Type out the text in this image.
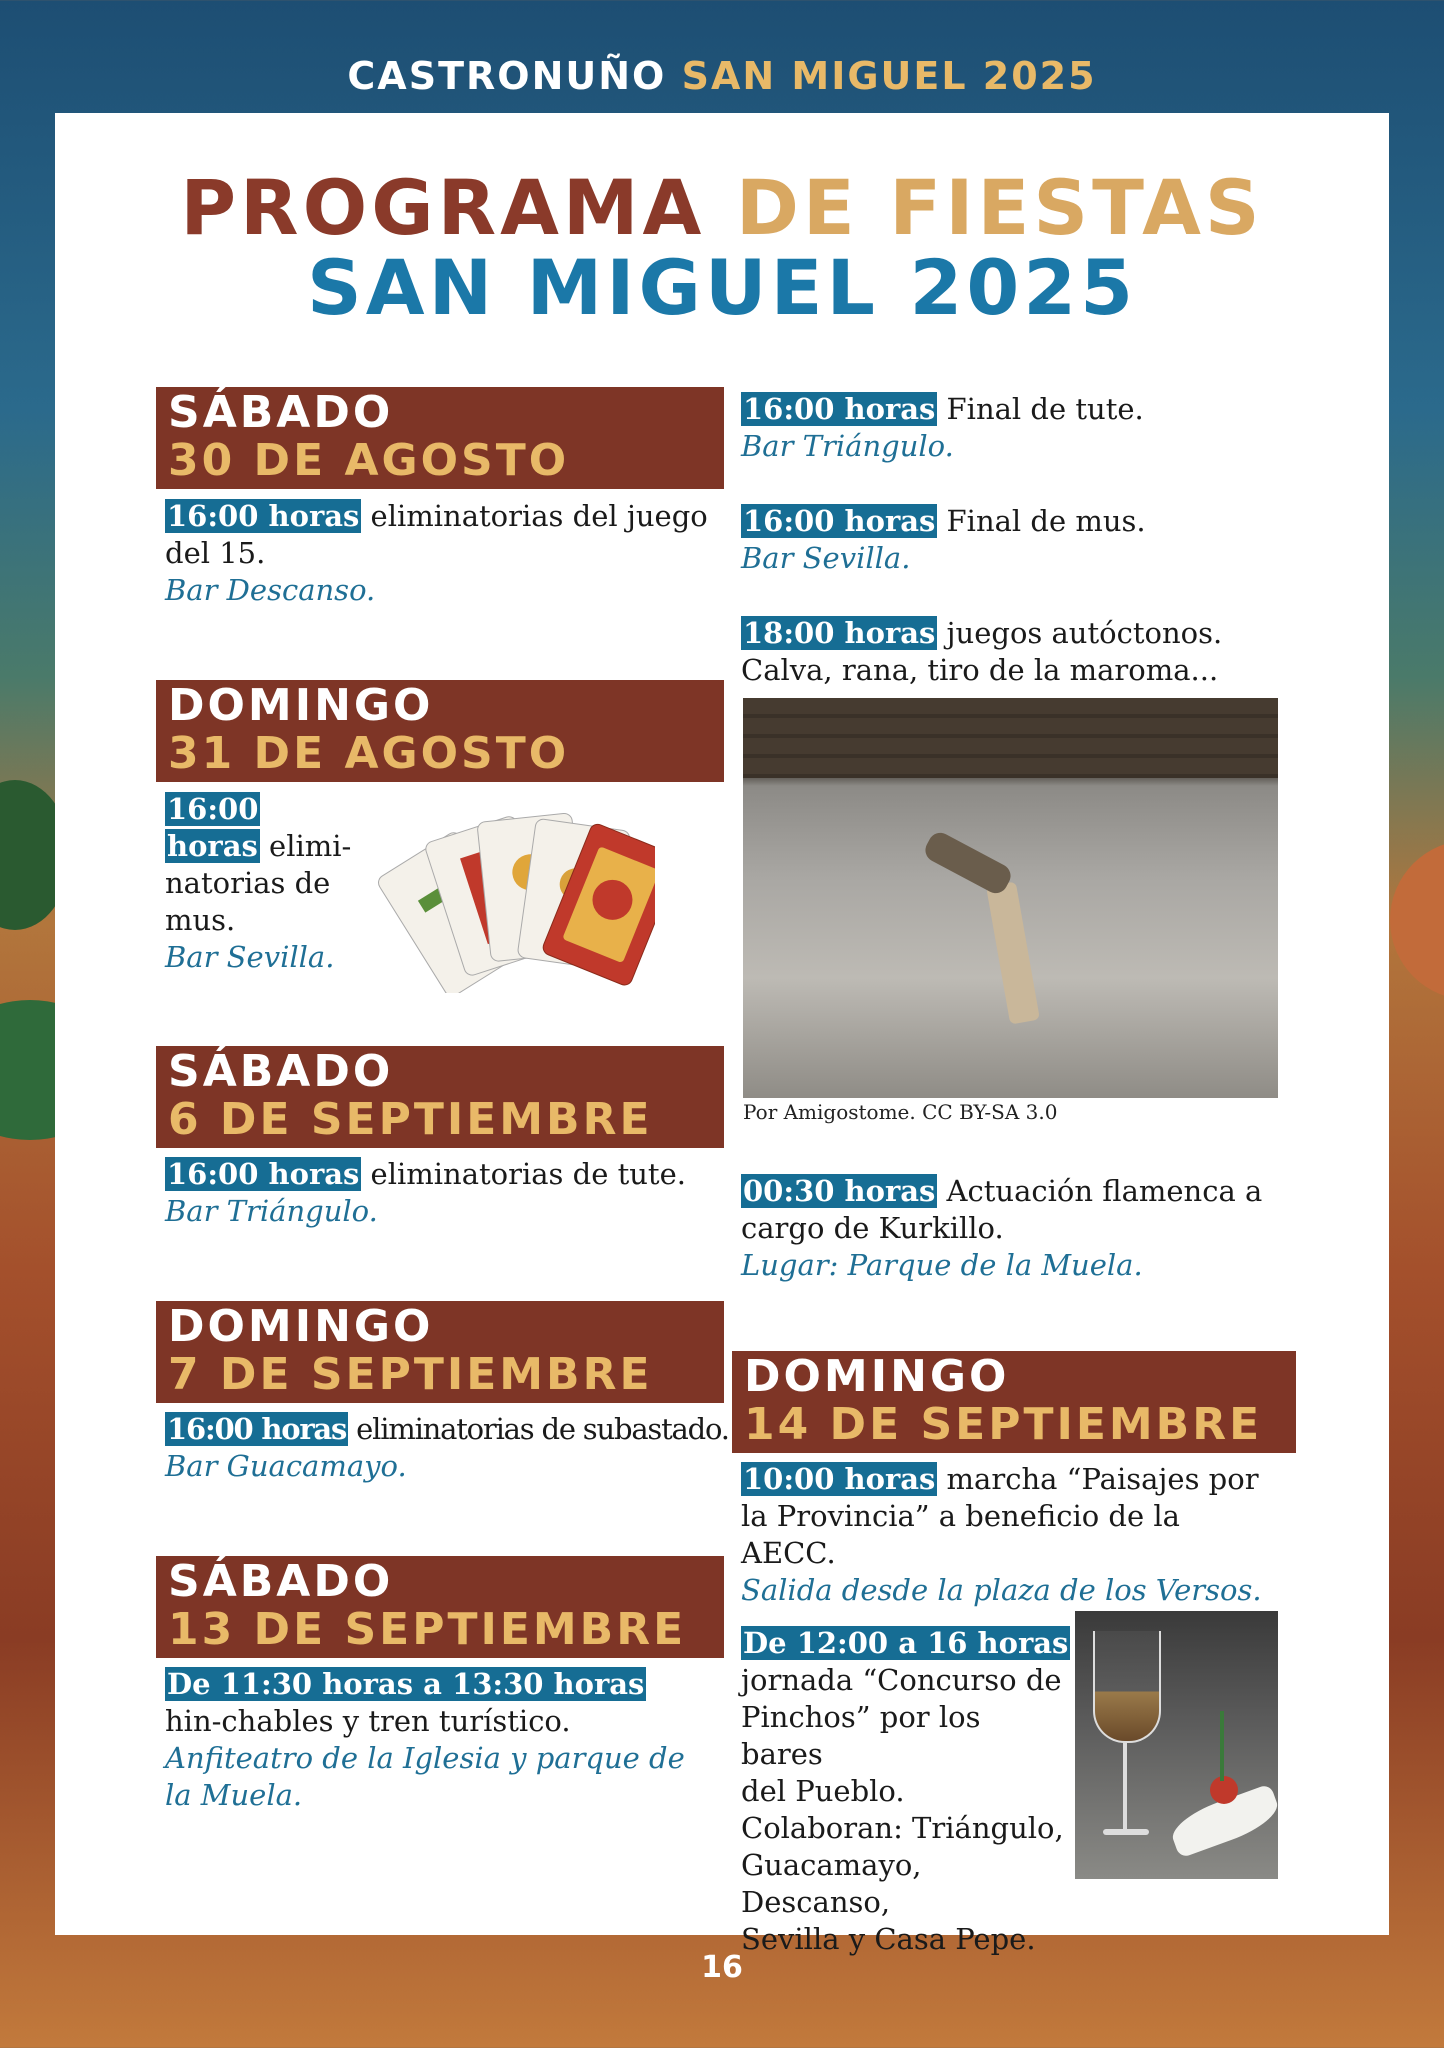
CASTRONUÑO SAN MIGUEL 2025
PROGRAMA DE FIESTAS
SAN MIGUEL 2025
SÁBADO
30 DE AGOSTO
16:00 horas eliminatorias del juego del 15.
Bar Descanso.
DOMINGO
31 DE AGOSTO
16:00
horas elimi-
natorias de
mus.
Bar Sevilla.
SÁBADO
6 DE SEPTIEMBRE
16:00 horas eliminatorias de tute.
Bar Triángulo.
DOMINGO
7 DE SEPTIEMBRE
16:00 horas eliminatorias de subastado.
Bar Guacamayo.
SÁBADO
13 DE SEPTIEMBRE
De 11:30 horas a 13:30 horas hin-chables y tren turístico.
Anfiteatro de la Iglesia y parque de la Muela.
16:00 horas Final de tute.
Bar Triángulo.
16:00 horas Final de mus.
Bar Sevilla.
18:00 horas juegos autóctonos. Calva, rana, tiro de la maroma...
Por Amigostome. CC BY-SA 3.0
00:30 horas Actuación flamenca a cargo de Kurkillo.
Lugar: Parque de la Muela.
DOMINGO
14 DE SEPTIEMBRE
10:00 horas marcha “Paisajes por la Provincia” a beneficio de la AECC.
Salida desde la plaza de los Versos.
De 12:00 a 16 horas
jornada “Concurso de
Pinchos” por los bares
del Pueblo.
Colaboran: Triángulo,
Guacamayo, Descanso,
Sevilla y Casa Pepe.
16
